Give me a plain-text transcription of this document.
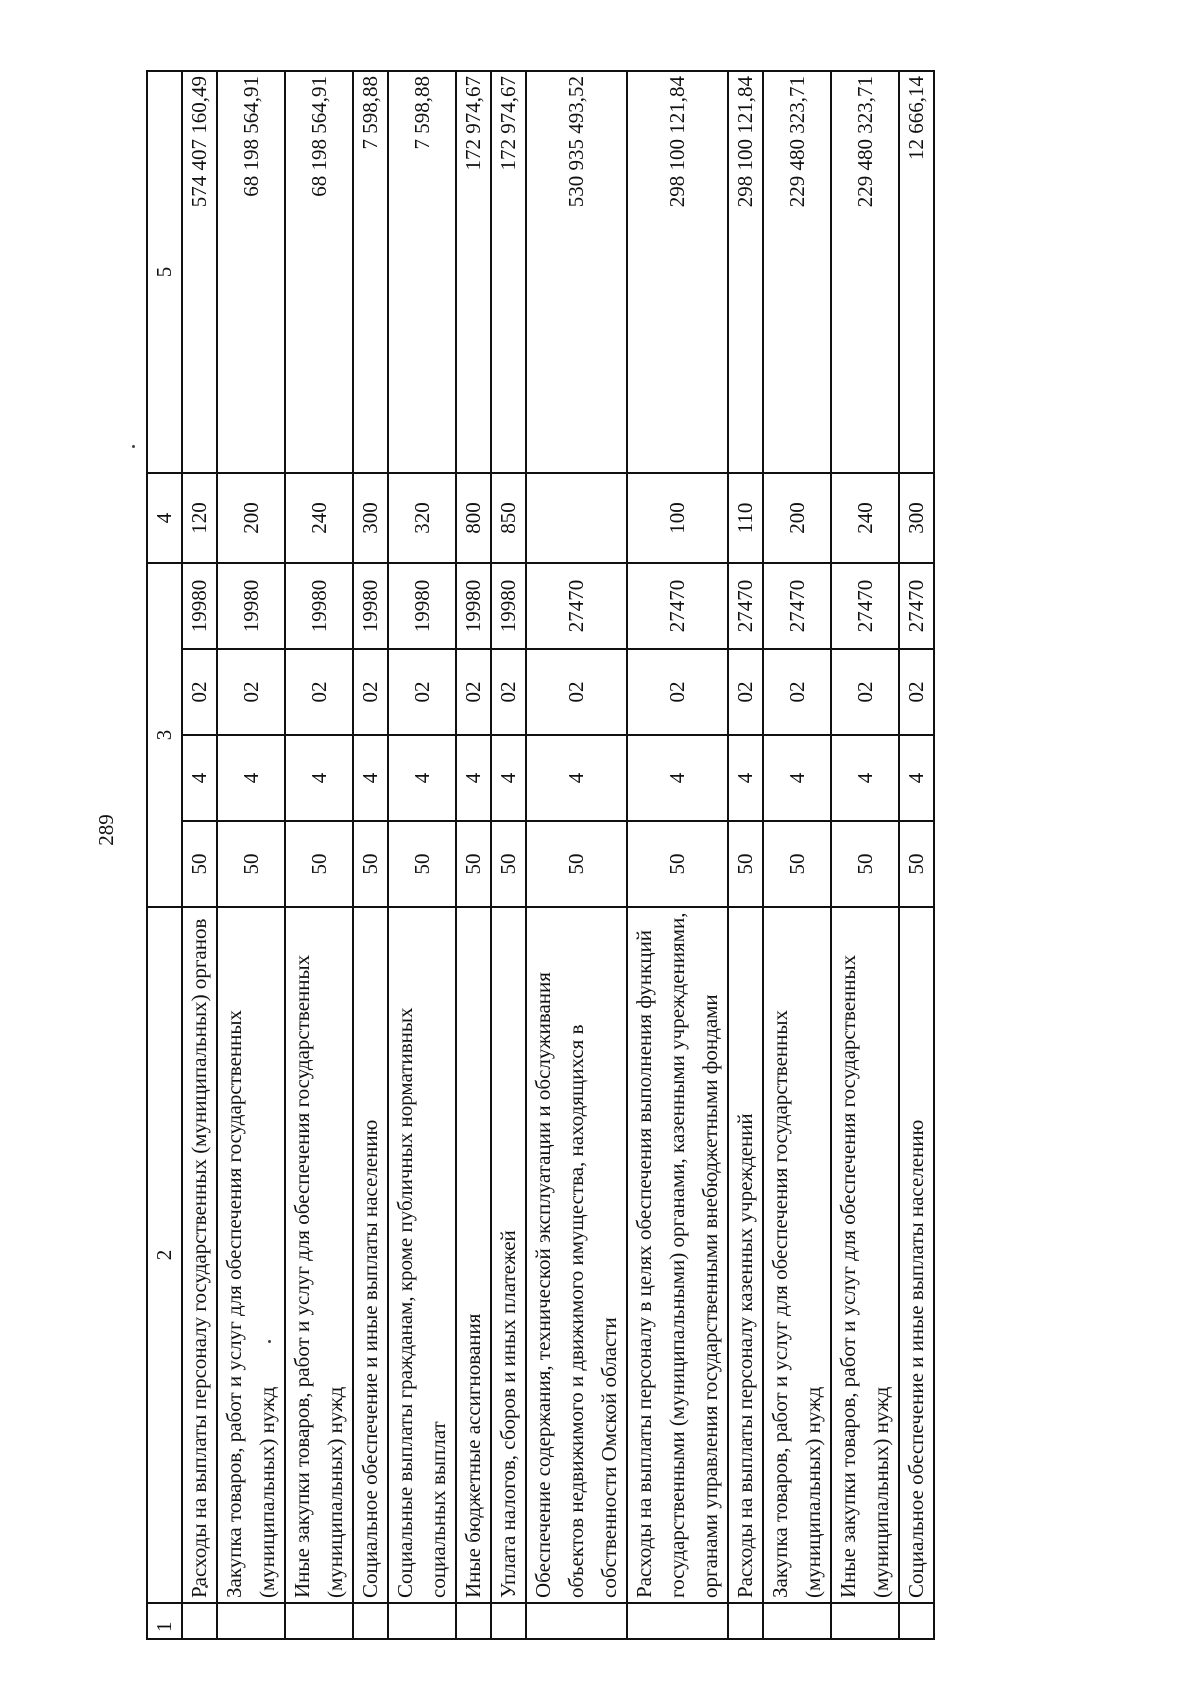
289
1	2	3				4	5
	Расходы на выплаты персоналу государственных (муниципальных) органов	50	4	02	19980	120	574 407 160,49
	Закупка товаров, работ и услуг для обеспечения государственных (муниципальных) нужд	50	4	02	19980	200	68 198 564,91
	Иные закупки товаров, работ и услуг для обеспечения государственных (муниципальных) нужд	50	4	02	19980	240	68 198 564,91
	Социальное обеспечение и иные выплаты населению	50	4	02	19980	300	7 598,88
	Социальные выплаты гражданам, кроме публичных нормативных социальных выплат	50	4	02	19980	320	7 598,88
	Иные бюджетные ассигнования	50	4	02	19980	800	172 974,67
	Уплата налогов, сборов и иных платежей	50	4	02	19980	850	172 974,67
	Обеспечение содержания, технической эксплуатации и обслуживания объектов недвижимого и движимого имущества, находящихся в собственности Омской области	50	4	02	27470		530 935 493,52
	Расходы на выплаты персоналу в целях обеспечения выполнения функций государственными (муниципальными) органами, казенными учреждениями, органами управления государственными внебюджетными фондами	50	4	02	27470	100	298 100 121,84
	Расходы на выплаты персоналу казенных учреждений	50	4	02	27470	110	298 100 121,84
	Закупка товаров, работ и услуг для обеспечения государственных (муниципальных) нужд	50	4	02	27470	200	229 480 323,71
	Иные закупки товаров, работ и услуг для обеспечения государственных (муниципальных) нужд	50	4	02	27470	240	229 480 323,71
	Социальное обеспечение и иные выплаты населению	50	4	02	27470	300	12 666,14
